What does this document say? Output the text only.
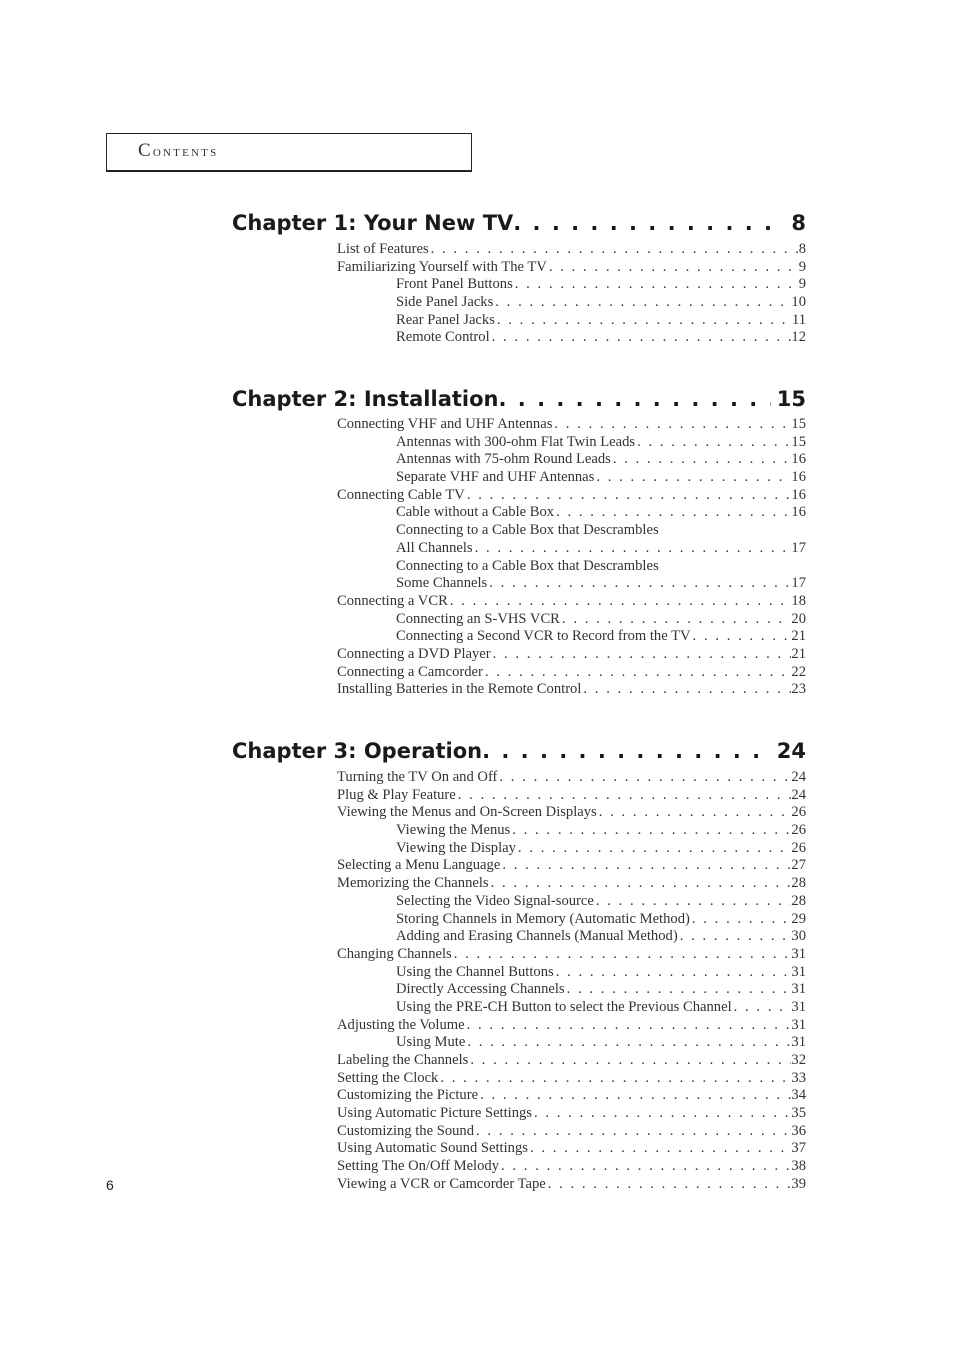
Contents
Chapter 1: Your New TV . . .	8
List of Features . . .	8
Familiarizing Yourself with The TV . . .	9
Front Panel Buttons . . .	9
Side Panel Jacks . . .	10
Rear Panel Jacks . . .	11
Remote Control . . .	12
Chapter 2: Installation . . .	15
Connecting VHF and UHF Antennas . . .	15
Antennas with 300-ohm Flat Twin Leads . . .	15
Antennas with 75-ohm Round Leads . . .	16
Separate VHF and UHF Antennas . . .	16
Connecting Cable TV . . .	16
Cable without a Cable Box . . .	16
Connecting to a Cable Box that Descrambles
All Channels . . .	17
Connecting to a Cable Box that Descrambles
Some Channels . . .	17
Connecting a VCR . . .	18
Connecting an S-VHS VCR . . .	20
Connecting a Second VCR to Record from the TV . . .	21
Connecting a DVD Player . . .	21
Connecting a Camcorder . . .	22
Installing Batteries in the Remote Control . . .	23
Chapter 3: Operation . . .	24
Turning the TV On and Off . . .	24
Plug & Play Feature . . .	24
Viewing the Menus and On-Screen Displays . . .	26
Viewing the Menus . . .	26
Viewing the Display . . .	26
Selecting a Menu Language . . .	27
Memorizing the Channels . . .	28
Selecting the Video Signal-source . . .	28
Storing Channels in Memory (Automatic Method) . . .	29
Adding and Erasing Channels (Manual Method) . . .	30
Changing Channels . . .	31
Using the Channel Buttons . . .	31
Directly Accessing Channels . . .	31
Using the PRE-CH Button to select the Previous Channel . . .	31
Adjusting the Volume . . .	31
Using Mute . . .	31
Labeling the Channels . . .	32
Setting the Clock . . .	33
Customizing the Picture . . .	34
Using Automatic Picture Settings . . .	35
Customizing the Sound . . .	36
Using Automatic Sound Settings . . .	37
Setting The On/Off Melody . . .	38
Viewing a VCR or Camcorder Tape . . .	39
6
